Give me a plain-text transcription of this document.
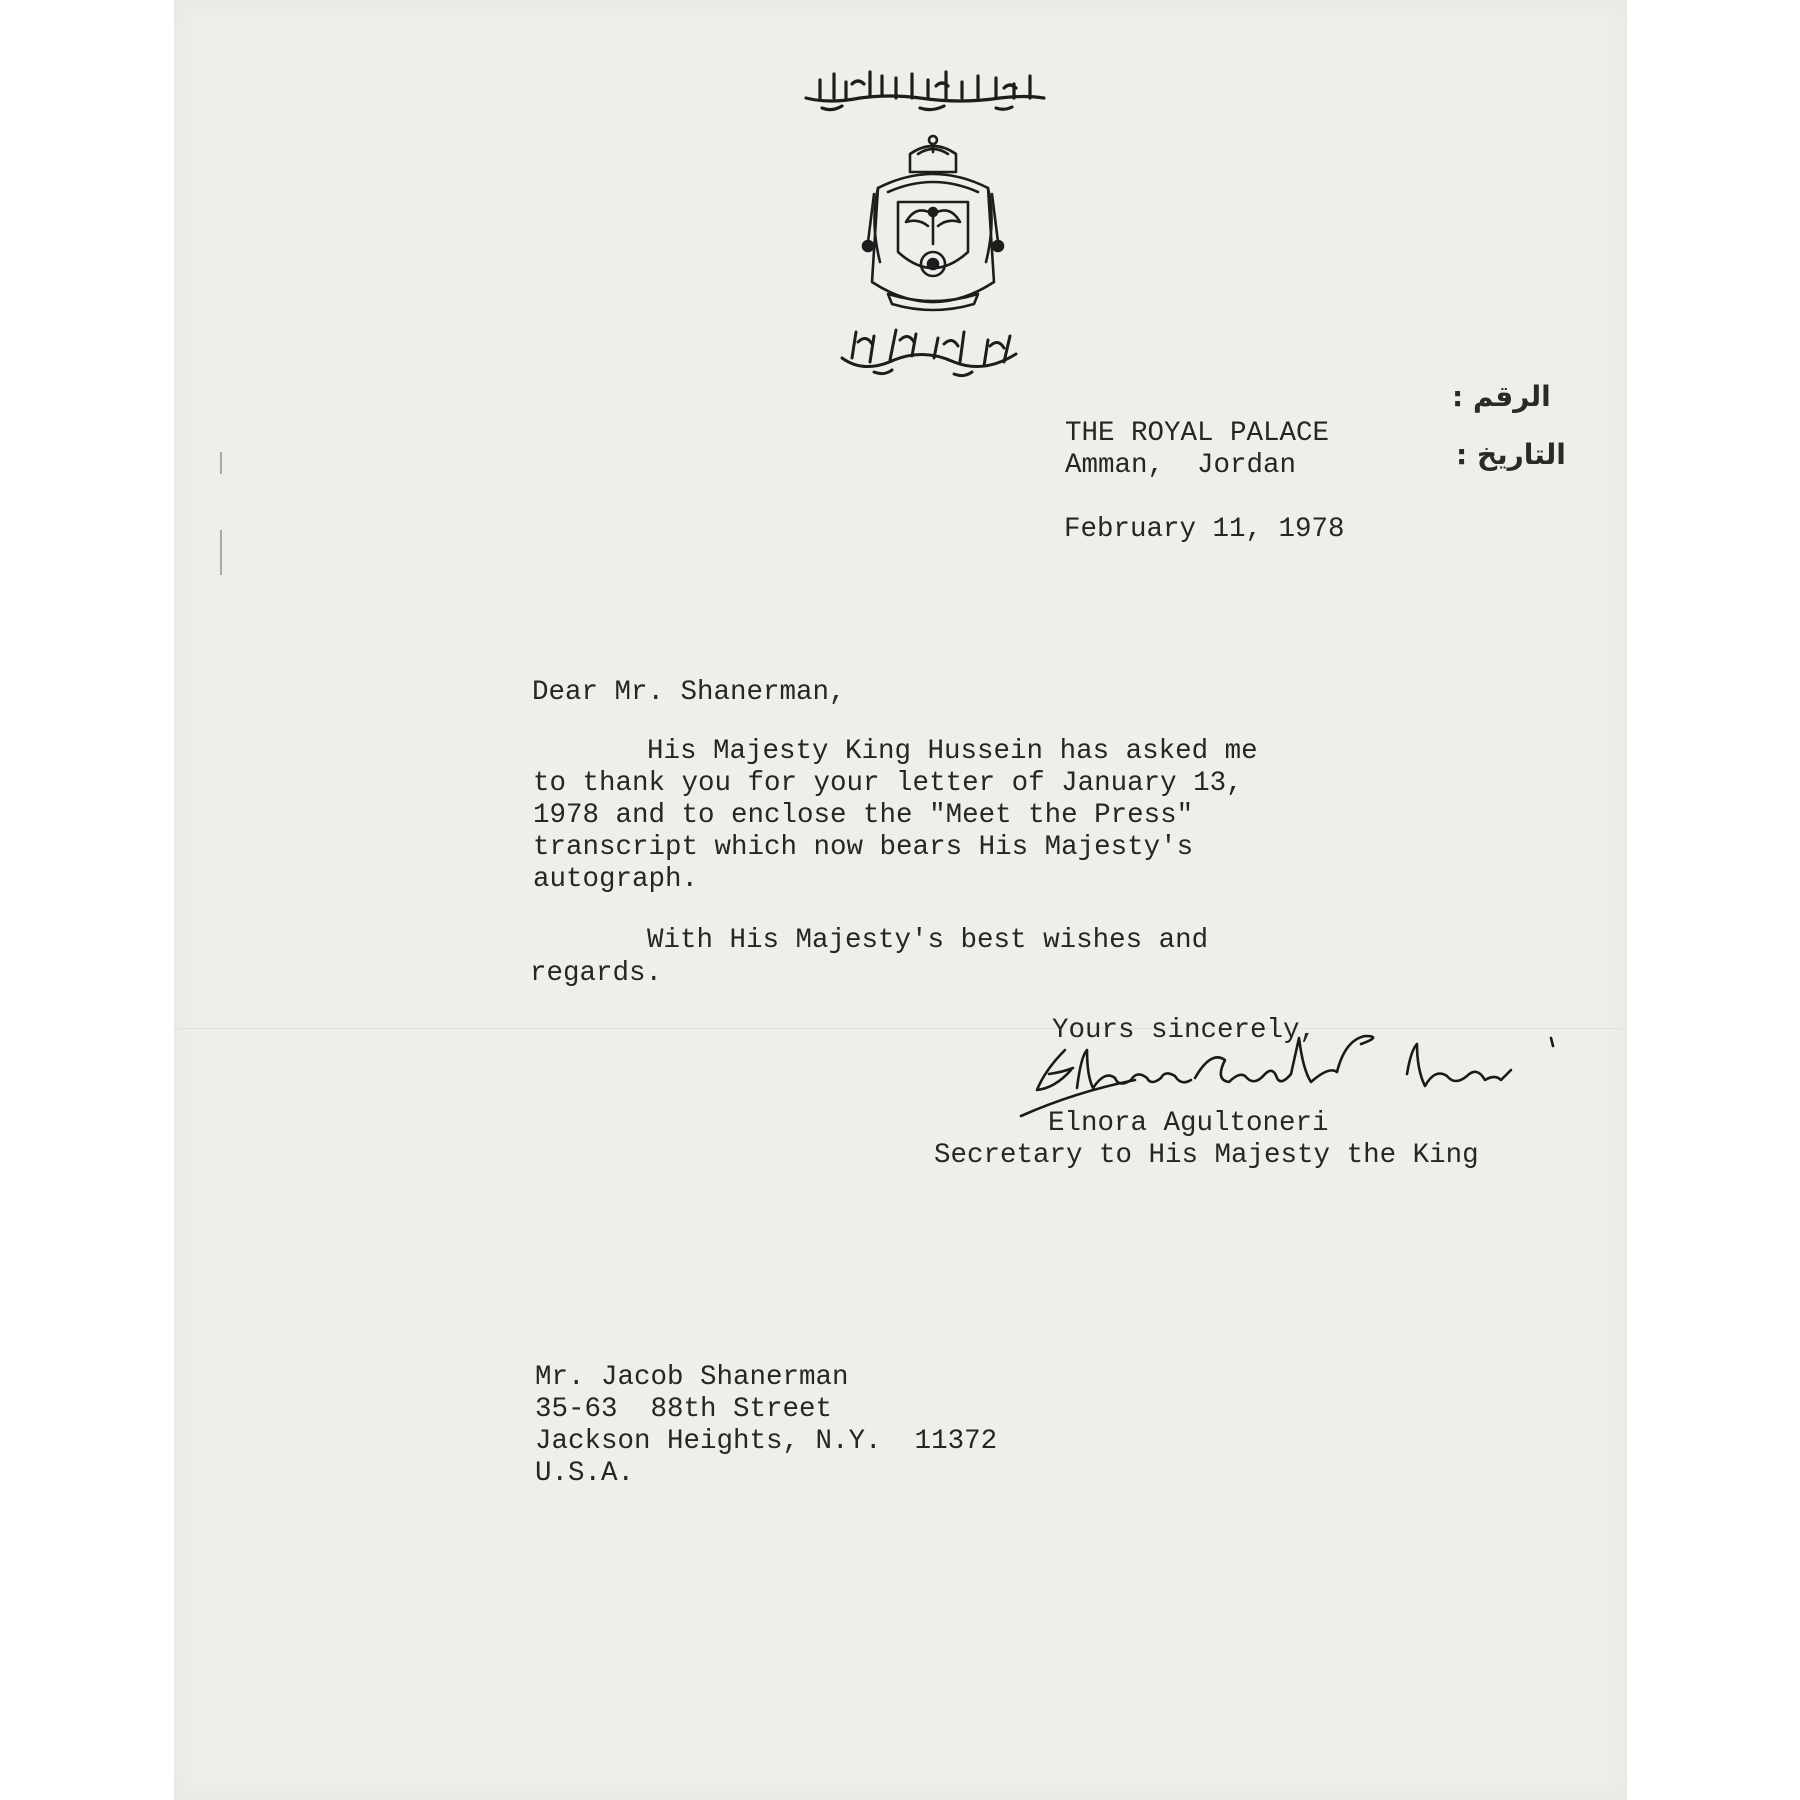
الرقم :
التاريخ :

THE ROYAL PALACE

Amman,  Jordan

February 11, 1978

Dear Mr. Shanerman,

His Majesty King Hussein has asked me

to thank you for your letter of January 13,

1978 and to enclose the "Meet the Press"

transcript which now bears His Majesty's

autograph.

With His Majesty's best wishes and

regards.

Yours sincerely,

Elnora Agultoneri

Secretary to His Majesty the King

Mr. Jacob Shanerman

35-63  88th Street

Jackson Heights, N.Y.  11372

U.S.A.
